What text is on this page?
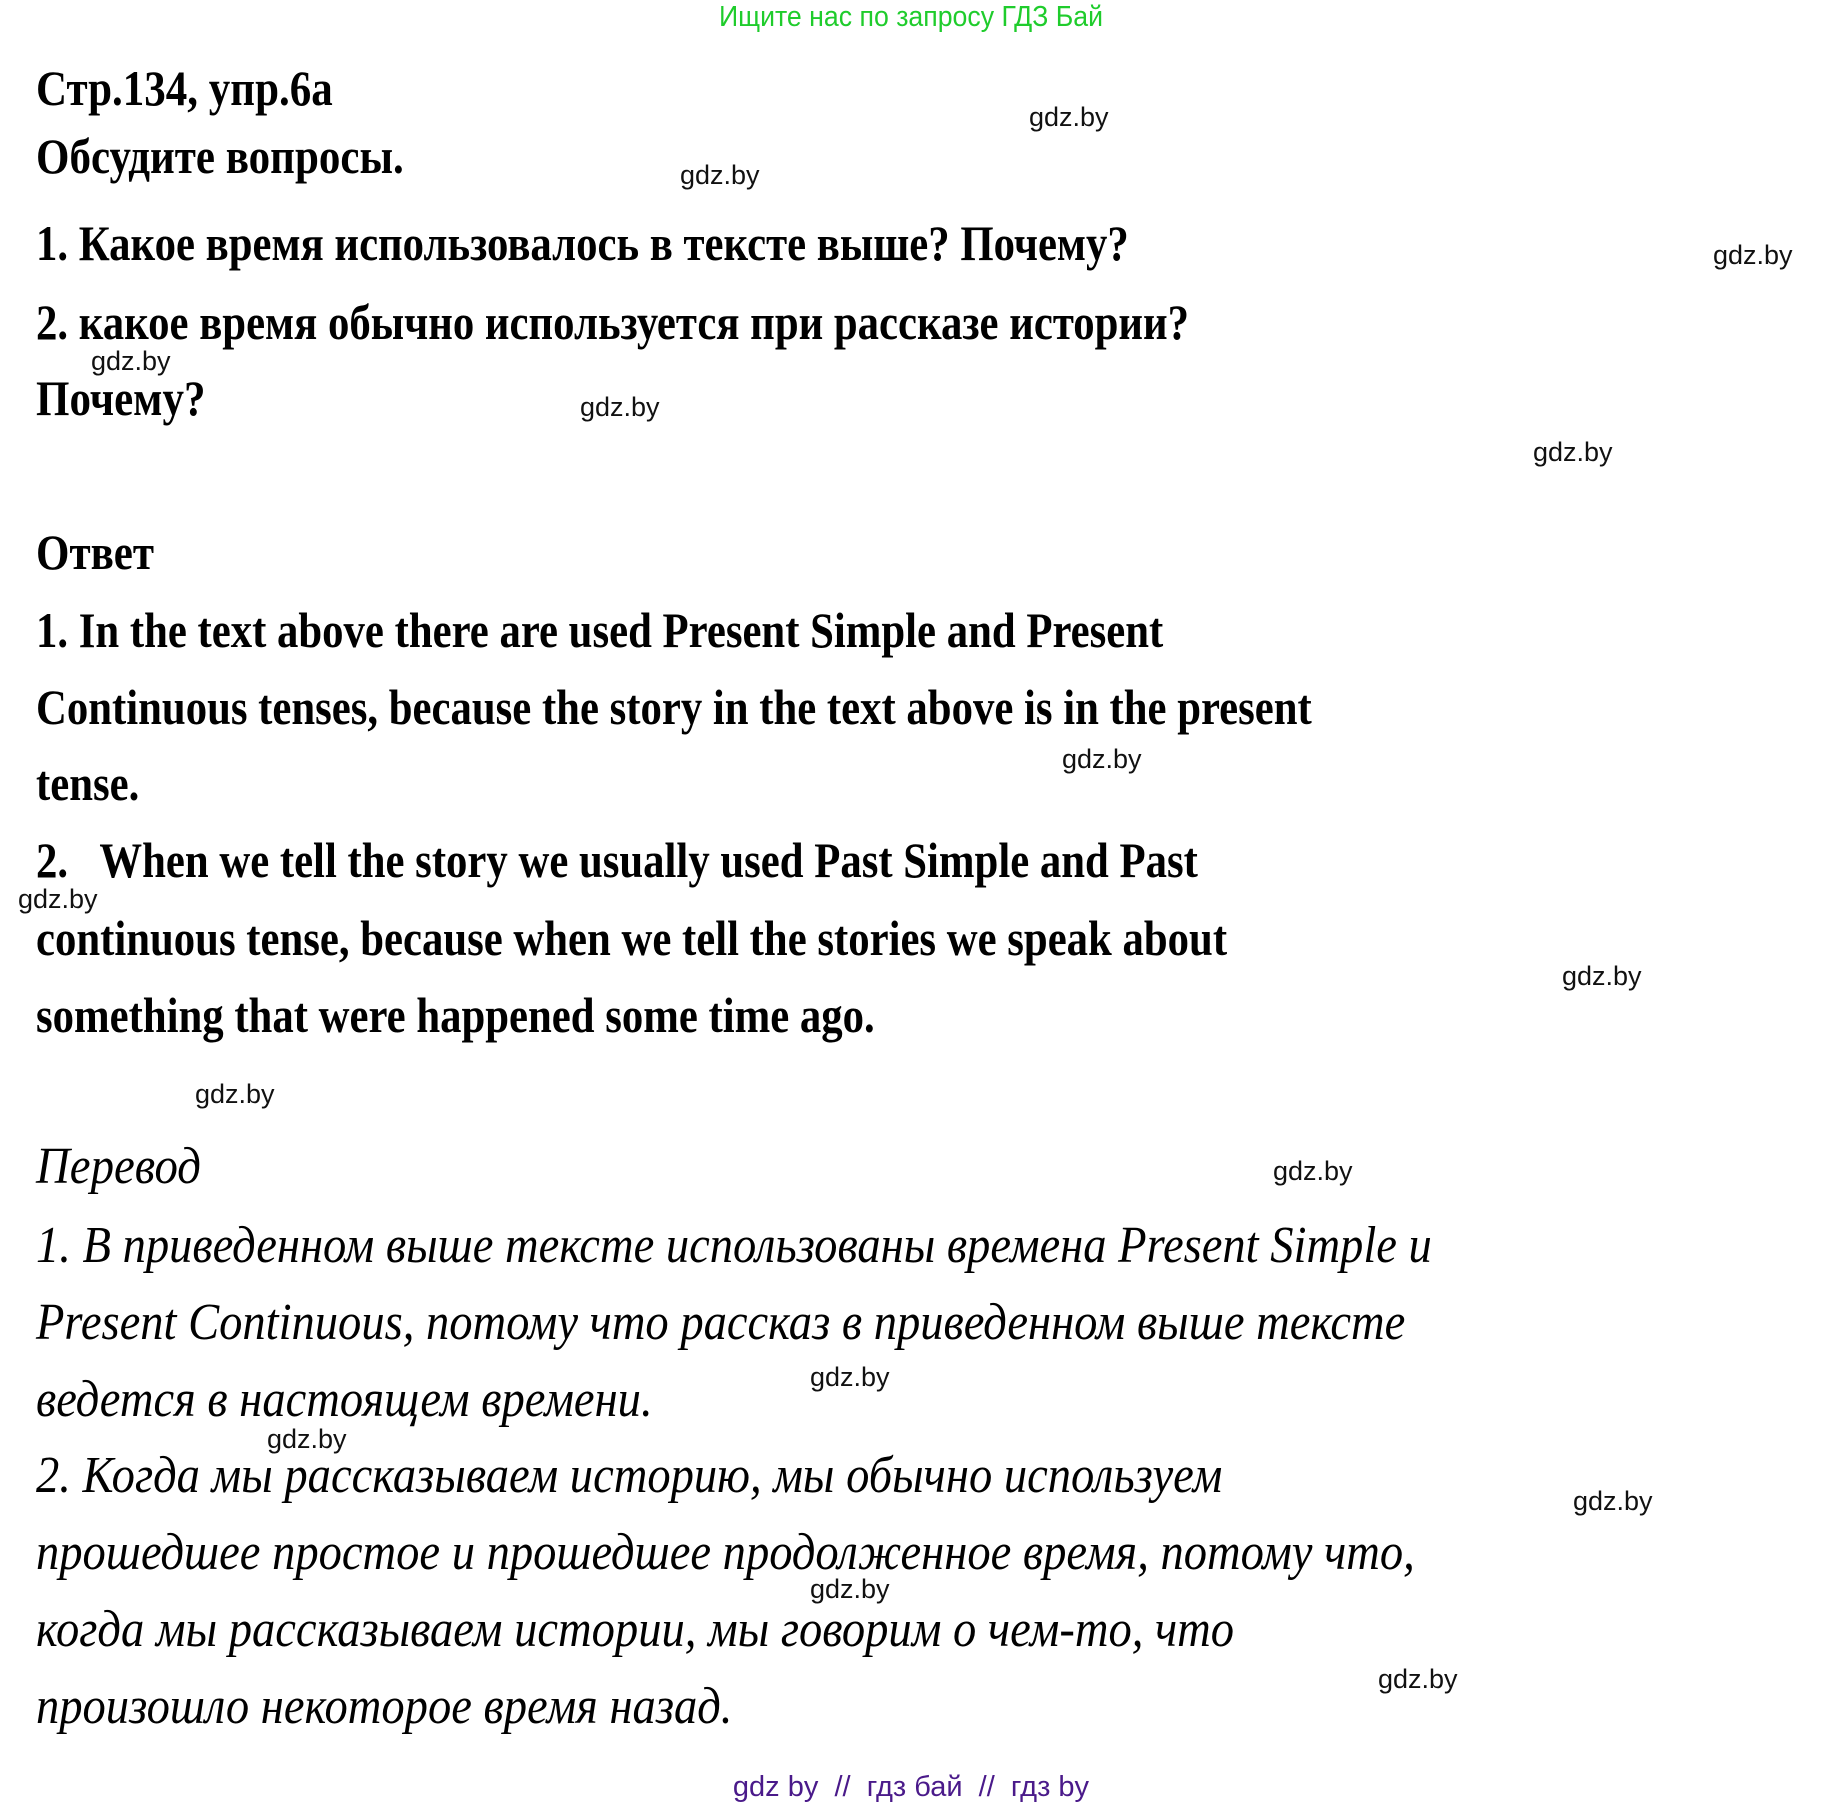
Ищите нас по запросу ГДЗ Бай
Стр.134, упр.6а
Обсудите вопросы.
1. Какое время использовалось в тексте выше? Почему?
2. какое время обычно используется при рассказе истории?
Почему?
Ответ
1. In the text above there are used Present Simple and Present
Continuous tenses, because the story in the text above is in the present
tense.
2.   When we tell the story we usually used Past Simple and Past
continuous tense, because when we tell the stories we speak about
something that were happened some time ago.
Перевод
1. В приведенном выше тексте использованы времена Present Simple и
Present Continuous, потому что рассказ в приведенном выше тексте
ведется в настоящем времени.
2. Когда мы рассказываем историю, мы обычно используем
прошедшее простое и прошедшее продолженное время, потому что,
когда мы рассказываем истории, мы говорим о чем-то, что
произошло некоторое время назад.
gdz.by
gdz.by
gdz.by
gdz.by
gdz.by
gdz.by
gdz.by
gdz.by
gdz.by
gdz.by
gdz.by
gdz.by
gdz.by
gdz.by
gdz.by
gdz.by
gdz by  //  гдз бай  //  гдз by
